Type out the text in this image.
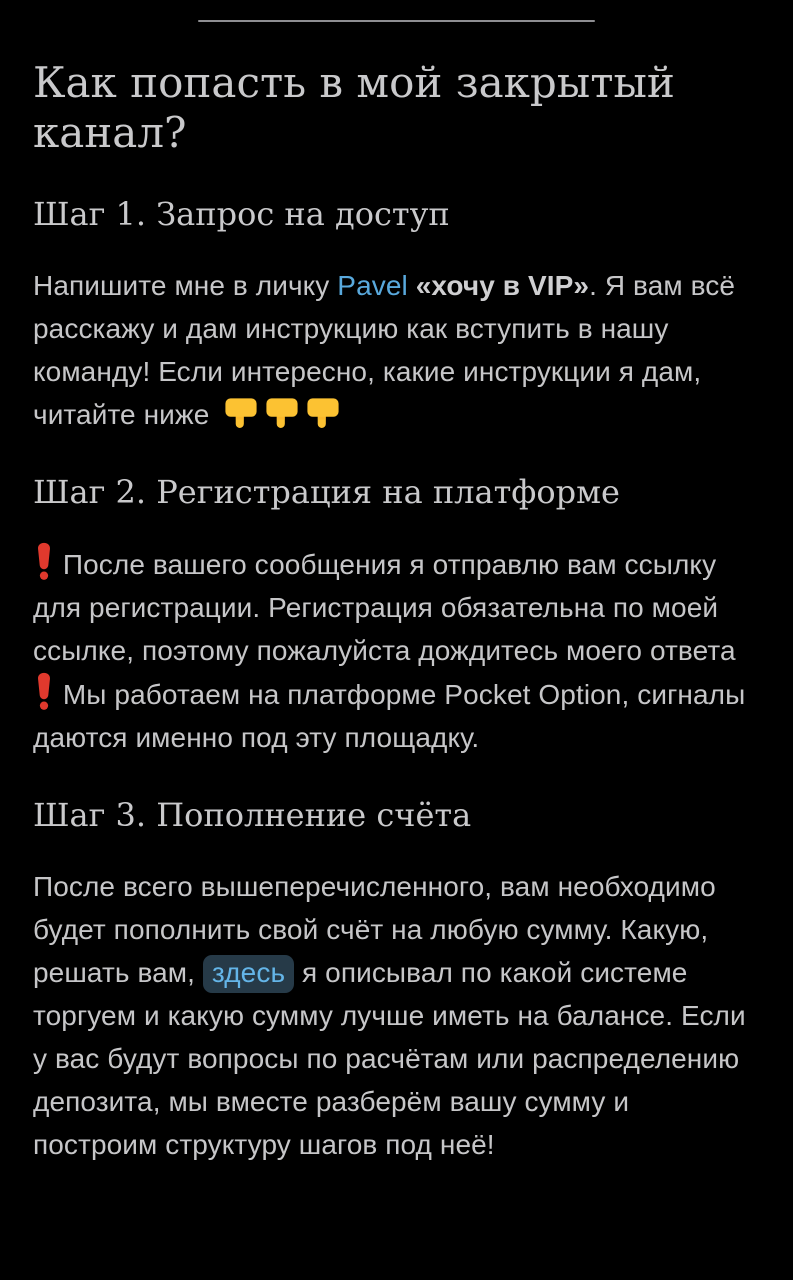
Как попасть в мой закрытый канал?
Шаг 1. Запрос на доступ

Напишите мне в личку Pavel «хочу в VIP». Я вам всё расскажу и дам инструкцию как вступить в нашу команду! Если интересно, какие инструкции я дам, читайте ниже

Шаг 2. Регистрация на платформе

После вашего сообщения я отправлю вам ссылку для регистрации. Регистрация обязательна по моей ссылке, поэтому пожалуйста дождитесь моего ответа  Мы работаем на платформе Pocket Option, сигналы даются именно под эту площадку.

Шаг 3. Пополнение счёта

После всего вышеперечисленного, вам необходимо будет пополнить свой счёт на любую сумму. Какую, решать вам, здесь я описывал по какой системе торгуем и какую сумму лучше иметь на балансе. Если у вас будут вопросы по расчётам или распределению депозита, мы вместе разберём вашу сумму и построим структуру шагов под неё!
